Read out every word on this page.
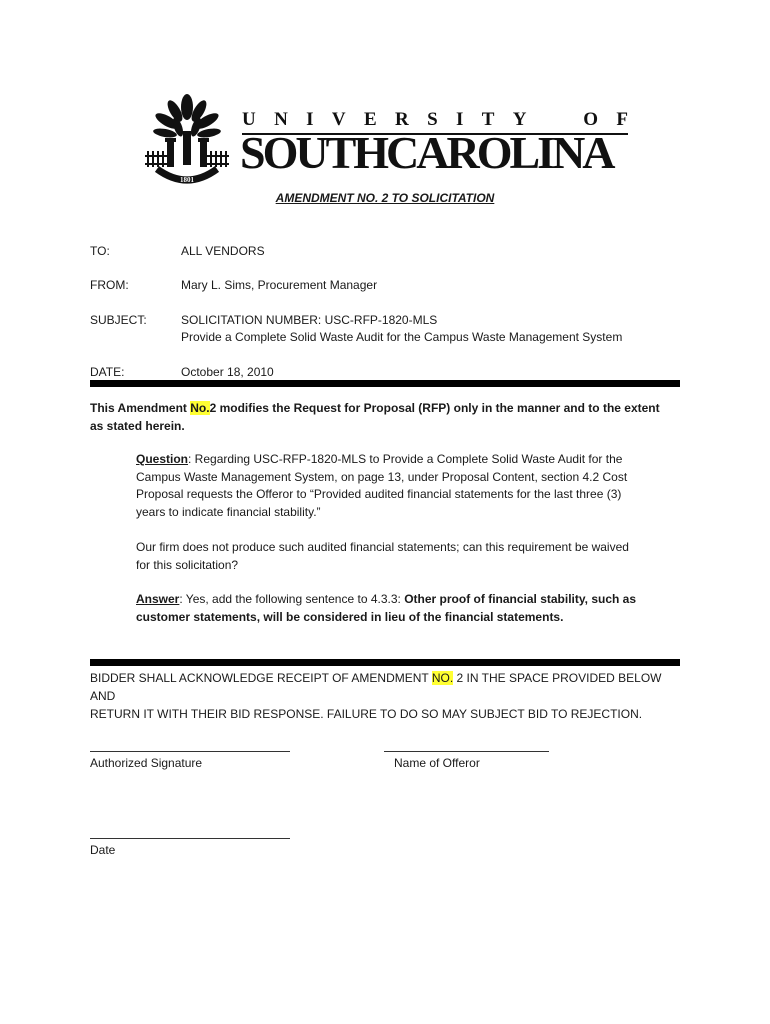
1801
U N I V E R S I T Y	O F
SOUTHCAROLINA
AMENDMENT NO. 2 TO SOLICITATION
TO:	ALL VENDORS
FROM:	Mary L. Sims, Procurement Manager
SUBJECT:	SOLICITATION NUMBER: USC-RFP-1820-MLS
Provide a Complete Solid Waste Audit for the Campus Waste Management System
DATE:	October 18, 2010
This Amendment No.2 modifies the Request for Proposal (RFP) only in the manner and to the extent
as stated herein.
Question: Regarding USC-RFP-1820-MLS to Provide a Complete Solid Waste Audit for the
Campus Waste Management System, on page 13, under Proposal Content, section 4.2 Cost
Proposal requests the Offeror to “Provided audited financial statements for the last three (3)
years to indicate financial stability.”
Our firm does not produce such audited financial statements; can this requirement be waived
for this solicitation?
Answer: Yes, add the following sentence to 4.3.3: Other proof of financial stability, such as
customer statements, will be considered in lieu of the financial statements.
BIDDER SHALL ACKNOWLEDGE RECEIPT OF AMENDMENT NO. 2 IN THE SPACE PROVIDED BELOW AND
RETURN IT WITH THEIR BID RESPONSE. FAILURE TO DO SO MAY SUBJECT BID TO REJECTION.
Authorized Signature	Name of Offeror
Date
